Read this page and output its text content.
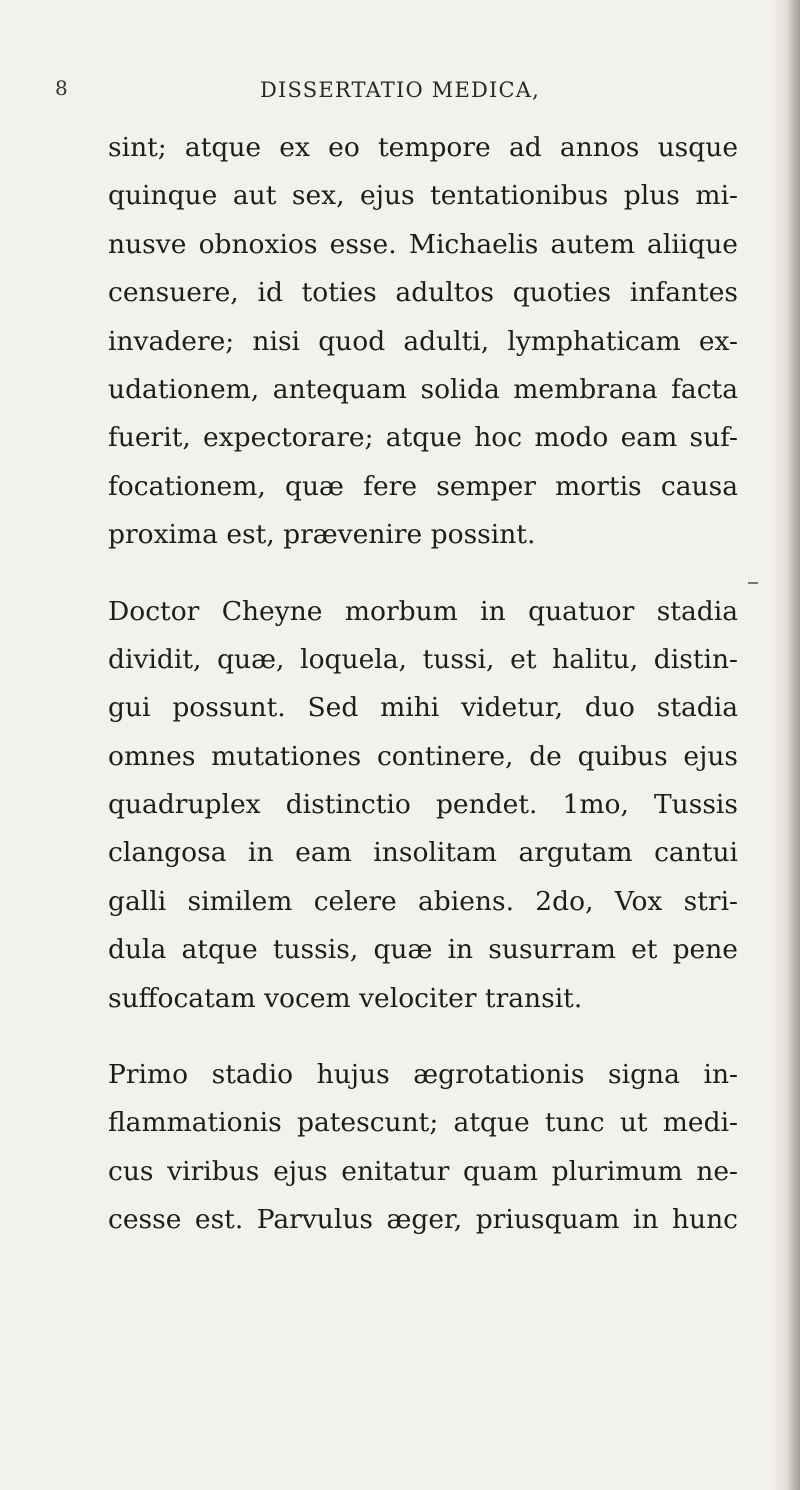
8	DISSERTATIO MEDICA,
sint; atque ex eo tempore ad annos usque
quinque aut sex, ejus tentationibus plus mi-
nusve obnoxios esse. Michaelis autem aliique
censuere, id toties adultos quoties infantes
invadere; nisi quod adulti, lymphaticam ex-
udationem, antequam solida membrana facta
fuerit, expectorare; atque hoc modo eam suf-
focationem, quæ fere semper mortis causa
proxima est, prævenire possint.
Doctor Cheyne morbum in quatuor stadia
dividit, quæ, loquela, tussi, et halitu, distin-
gui possunt. Sed mihi videtur, duo stadia
omnes mutationes continere, de quibus ejus
quadruplex distinctio pendet. 1mo, Tussis
clangosa in eam insolitam argutam cantui
galli similem celere abiens. 2do, Vox stri-
dula atque tussis, quæ in susurram et pene
suffocatam vocem velociter transit.
Primo stadio hujus ægrotationis signa in-
flammationis patescunt; atque tunc ut medi-
cus viribus ejus enitatur quam plurimum ne-
cesse est. Parvulus æger, priusquam in hunc
